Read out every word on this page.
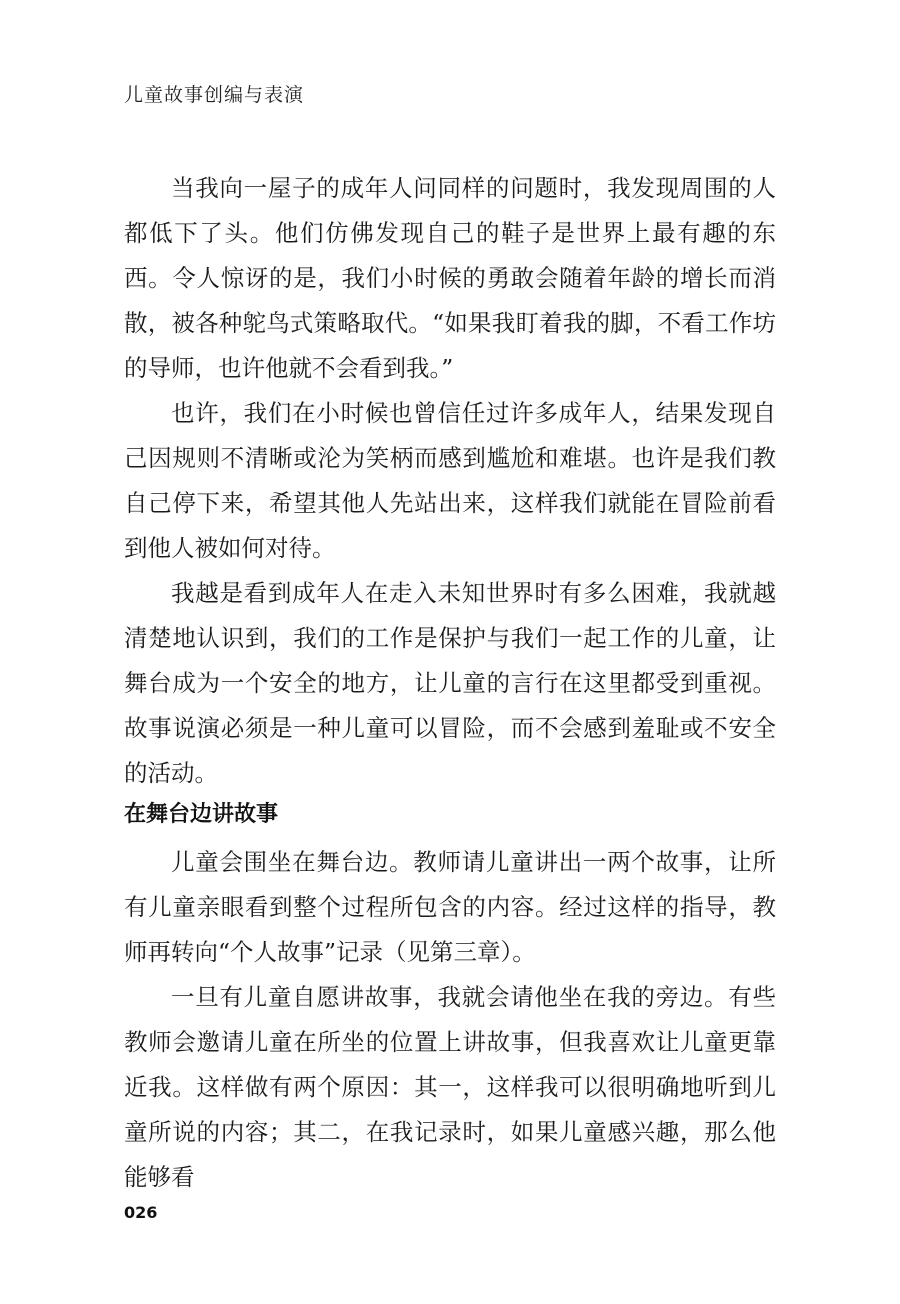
儿童故事创编与表演

当我向一屋子的成年人问同样的问题时，我发现周围的人都低下了头。他们仿佛发现自己的鞋子是世界上最有趣的东西。令人惊讶的是，我们小时候的勇敢会随着年龄的增长而消散，被各种鸵鸟式策略取代。“如果我盯着我的脚，不看工作坊的导师，也许他就不会看到我。”

也许，我们在小时候也曾信任过许多成年人，结果发现自己因规则不清晰或沦为笑柄而感到尴尬和难堪。也许是我们教自己停下来，希望其他人先站出来，这样我们就能在冒险前看到他人被如何对待。

我越是看到成年人在走入未知世界时有多么困难，我就越清楚地认识到，我们的工作是保护与我们一起工作的儿童，让舞台成为一个安全的地方，让儿童的言行在这里都受到重视。故事说演必须是一种儿童可以冒险，而不会感到羞耻或不安全的活动。

在舞台边讲故事

儿童会围坐在舞台边。教师请儿童讲出一两个故事，让所有儿童亲眼看到整个过程所包含的内容。经过这样的指导，教师再转向“个人故事”记录（见第三章）。

一旦有儿童自愿讲故事，我就会请他坐在我的旁边。有些教师会邀请儿童在所坐的位置上讲故事，但我喜欢让儿童更靠近我。这样做有两个原因：其一，这样我可以很明确地听到儿童所说的内容；其二，在我记录时，如果儿童感兴趣，那么他能够看

026
